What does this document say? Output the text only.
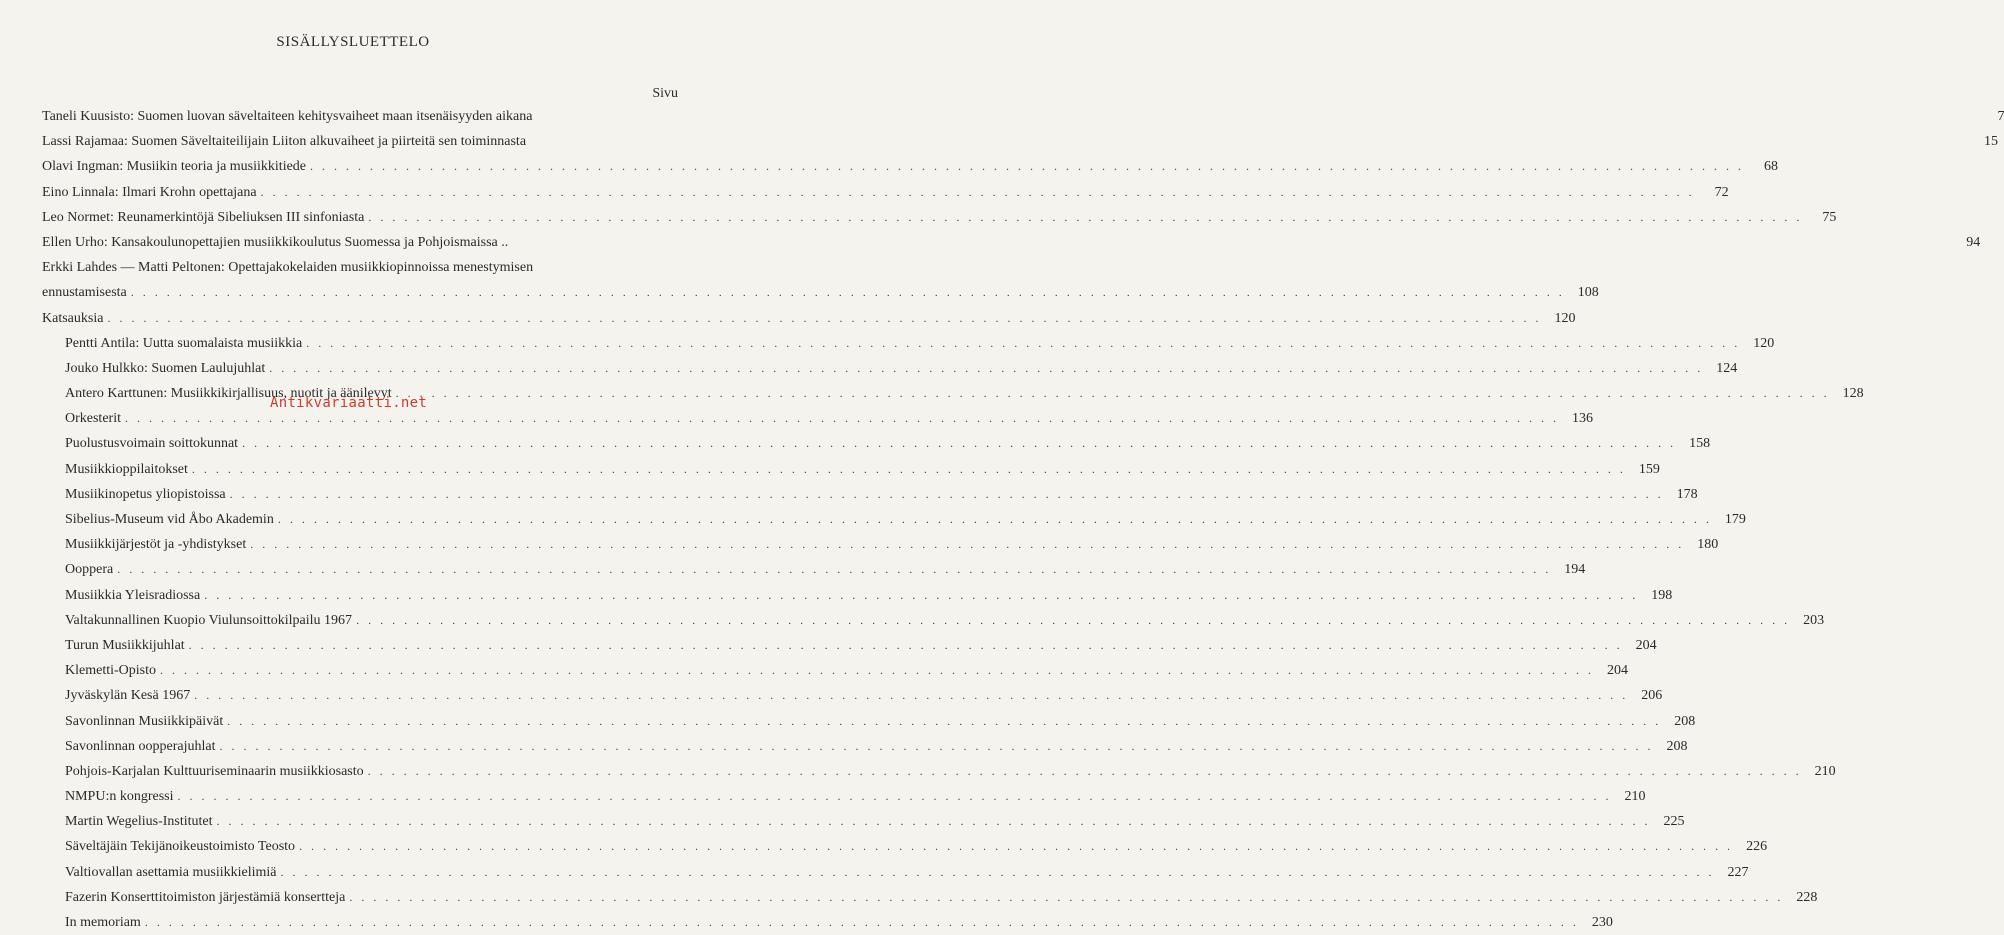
SISÄLLYSLUETTELO
Sivu
Taneli Kuusisto: Suomen luovan säveltaiteen kehitysvaiheet maan itsenäisyyden aikana	7
Lassi Rajamaa: Suomen Säveltaiteilijain Liiton alkuvaiheet ja piirteitä sen toiminnasta	15
Olavi Ingman: Musiikin teoria ja musiikkitiede . . . . . . . . . . . . . . . . . . . . . . . . . . . . . . . . . . . . . . . . . . . . . . . . . . . . . . . . . . . . . . . . . . . . . . . . . . . . . . . . . . . . . . . . . . . . . . . . . . . . . . . . . . . . . . . . . . . . . . . .	68
Eino Linnala: Ilmari Krohn opettajana . . . . . . . . . . . . . . . . . . . . . . . . . . . . . . . . . . . . . . . . . . . . . . . . . . . . . . . . . . . . . . . . . . . . . . . . . . . . . . . . . . . . . . . . . . . . . . . . . . . . . . . . . . . . . . . . . . . . . . . .	72
Leo Normet: Reunamerkintöjä Sibeliuksen III sinfoniasta . . . . . . . . . . . . . . . . . . . . . . . . . . . . . . . . . . . . . . . . . . . . . . . . . . . . . . . . . . . . . . . . . . . . . . . . . . . . . . . . . . . . . . . . . . . . . . . . . . . . . . . . . . . . . . . . . . . . . . . .	75
Ellen Urho: Kansakoulunopettajien musiikkikoulutus Suomessa ja Pohjoismaissa ..	94
Erkki Lahdes — Matti Peltonen: Opettajakokelaiden musiikkiopinnoissa menestymisen
ennustamisesta . . . . . . . . . . . . . . . . . . . . . . . . . . . . . . . . . . . . . . . . . . . . . . . . . . . . . . . . . . . . . . . . . . . . . . . . . . . . . . . . . . . . . . . . . . . . . . . . . . . . . . . . . . . . . . . . . . . . . . . . 108
Katsauksia . . . . . . . . . . . . . . . . . . . . . . . . . . . . . . . . . . . . . . . . . . . . . . . . . . . . . . . . . . . . . . . . . . . . . . . . . . . . . . . . . . . . . . . . . . . . . . . . . . . . . . . . . . . . . . . . . . . . . . . . 120
Pentti Antila: Uutta suomalaista musiikkia . . . . . . . . . . . . . . . . . . . . . . . . . . . . . . . . . . . . . . . . . . . . . . . . . . . . . . . . . . . . . . . . . . . . . . . . . . . . . . . . . . . . . . . . . . . . . . . . . . . . . . . . . . . . . . . . . . . . . . . . 120
Jouko Hulkko: Suomen Laulujuhlat . . . . . . . . . . . . . . . . . . . . . . . . . . . . . . . . . . . . . . . . . . . . . . . . . . . . . . . . . . . . . . . . . . . . . . . . . . . . . . . . . . . . . . . . . . . . . . . . . . . . . . . . . . . . . . . . . . . . . . . . 124
Antero Karttunen: Musiikkikirjallisuus, nuotit ja äänilevyt . . . . . . . . . . . . . . . . . . . . . . . . . . . . . . . . . . . . . . . . . . . . . . . . . . . . . . . . . . . . . . . . . . . . . . . . . . . . . . . . . . . . . . . . . . . . . . . . . . . . . . . . . . . . . . . . . . . . . . . . 128
Orkesterit . . . . . . . . . . . . . . . . . . . . . . . . . . . . . . . . . . . . . . . . . . . . . . . . . . . . . . . . . . . . . . . . . . . . . . . . . . . . . . . . . . . . . . . . . . . . . . . . . . . . . . . . . . . . . . . . . . . . . . . . 136
Puolustusvoimain soittokunnat . . . . . . . . . . . . . . . . . . . . . . . . . . . . . . . . . . . . . . . . . . . . . . . . . . . . . . . . . . . . . . . . . . . . . . . . . . . . . . . . . . . . . . . . . . . . . . . . . . . . . . . . . . . . . . . . . . . . . . . . 158
Musiikkioppilaitokset . . . . . . . . . . . . . . . . . . . . . . . . . . . . . . . . . . . . . . . . . . . . . . . . . . . . . . . . . . . . . . . . . . . . . . . . . . . . . . . . . . . . . . . . . . . . . . . . . . . . . . . . . . . . . . . . . . . . . . . . 159
Musiikinopetus yliopistoissa . . . . . . . . . . . . . . . . . . . . . . . . . . . . . . . . . . . . . . . . . . . . . . . . . . . . . . . . . . . . . . . . . . . . . . . . . . . . . . . . . . . . . . . . . . . . . . . . . . . . . . . . . . . . . . . . . . . . . . . . 178
Sibelius-Museum vid Åbo Akademin . . . . . . . . . . . . . . . . . . . . . . . . . . . . . . . . . . . . . . . . . . . . . . . . . . . . . . . . . . . . . . . . . . . . . . . . . . . . . . . . . . . . . . . . . . . . . . . . . . . . . . . . . . . . . . . . . . . . . . . . 179
Musiikkijärjestöt ja -yhdistykset . . . . . . . . . . . . . . . . . . . . . . . . . . . . . . . . . . . . . . . . . . . . . . . . . . . . . . . . . . . . . . . . . . . . . . . . . . . . . . . . . . . . . . . . . . . . . . . . . . . . . . . . . . . . . . . . . . . . . . . . 180
Ooppera . . . . . . . . . . . . . . . . . . . . . . . . . . . . . . . . . . . . . . . . . . . . . . . . . . . . . . . . . . . . . . . . . . . . . . . . . . . . . . . . . . . . . . . . . . . . . . . . . . . . . . . . . . . . . . . . . . . . . . . . 194
Musiikkia Yleisradiossa . . . . . . . . . . . . . . . . . . . . . . . . . . . . . . . . . . . . . . . . . . . . . . . . . . . . . . . . . . . . . . . . . . . . . . . . . . . . . . . . . . . . . . . . . . . . . . . . . . . . . . . . . . . . . . . . . . . . . . . . 198
Valtakunnallinen Kuopio Viulunsoittokilpailu 1967 . . . . . . . . . . . . . . . . . . . . . . . . . . . . . . . . . . . . . . . . . . . . . . . . . . . . . . . . . . . . . . . . . . . . . . . . . . . . . . . . . . . . . . . . . . . . . . . . . . . . . . . . . . . . . . . . . . . . . . . . 203
Turun Musiikkijuhlat . . . . . . . . . . . . . . . . . . . . . . . . . . . . . . . . . . . . . . . . . . . . . . . . . . . . . . . . . . . . . . . . . . . . . . . . . . . . . . . . . . . . . . . . . . . . . . . . . . . . . . . . . . . . . . . . . . . . . . . . 204
Klemetti-Opisto . . . . . . . . . . . . . . . . . . . . . . . . . . . . . . . . . . . . . . . . . . . . . . . . . . . . . . . . . . . . . . . . . . . . . . . . . . . . . . . . . . . . . . . . . . . . . . . . . . . . . . . . . . . . . . . . . . . . . . . . 204
Jyväskylän Kesä 1967 . . . . . . . . . . . . . . . . . . . . . . . . . . . . . . . . . . . . . . . . . . . . . . . . . . . . . . . . . . . . . . . . . . . . . . . . . . . . . . . . . . . . . . . . . . . . . . . . . . . . . . . . . . . . . . . . . . . . . . . . 206
Savonlinnan Musiikkipäivät . . . . . . . . . . . . . . . . . . . . . . . . . . . . . . . . . . . . . . . . . . . . . . . . . . . . . . . . . . . . . . . . . . . . . . . . . . . . . . . . . . . . . . . . . . . . . . . . . . . . . . . . . . . . . . . . . . . . . . . . 208
Savonlinnan oopperajuhlat . . . . . . . . . . . . . . . . . . . . . . . . . . . . . . . . . . . . . . . . . . . . . . . . . . . . . . . . . . . . . . . . . . . . . . . . . . . . . . . . . . . . . . . . . . . . . . . . . . . . . . . . . . . . . . . . . . . . . . . . 208
Pohjois-Karjalan Kulttuuriseminaarin musiikkiosasto . . . . . . . . . . . . . . . . . . . . . . . . . . . . . . . . . . . . . . . . . . . . . . . . . . . . . . . . . . . . . . . . . . . . . . . . . . . . . . . . . . . . . . . . . . . . . . . . . . . . . . . . . . . . . . . . . . . . . . . . 210
NMPU:n kongressi . . . . . . . . . . . . . . . . . . . . . . . . . . . . . . . . . . . . . . . . . . . . . . . . . . . . . . . . . . . . . . . . . . . . . . . . . . . . . . . . . . . . . . . . . . . . . . . . . . . . . . . . . . . . . . . . . . . . . . . . 210
Martin Wegelius-Institutet . . . . . . . . . . . . . . . . . . . . . . . . . . . . . . . . . . . . . . . . . . . . . . . . . . . . . . . . . . . . . . . . . . . . . . . . . . . . . . . . . . . . . . . . . . . . . . . . . . . . . . . . . . . . . . . . . . . . . . . . 225
Säveltäjäin Tekijänoikeustoimisto Teosto . . . . . . . . . . . . . . . . . . . . . . . . . . . . . . . . . . . . . . . . . . . . . . . . . . . . . . . . . . . . . . . . . . . . . . . . . . . . . . . . . . . . . . . . . . . . . . . . . . . . . . . . . . . . . . . . . . . . . . . . 226
Valtiovallan asettamia musiikkielimiä . . . . . . . . . . . . . . . . . . . . . . . . . . . . . . . . . . . . . . . . . . . . . . . . . . . . . . . . . . . . . . . . . . . . . . . . . . . . . . . . . . . . . . . . . . . . . . . . . . . . . . . . . . . . . . . . . . . . . . . . 227
Fazerin Konserttitoimiston järjestämiä konsertteja . . . . . . . . . . . . . . . . . . . . . . . . . . . . . . . . . . . . . . . . . . . . . . . . . . . . . . . . . . . . . . . . . . . . . . . . . . . . . . . . . . . . . . . . . . . . . . . . . . . . . . . . . . . . . . . . . . . . . . . . 228
In memoriam . . . . . . . . . . . . . . . . . . . . . . . . . . . . . . . . . . . . . . . . . . . . . . . . . . . . . . . . . . . . . . . . . . . . . . . . . . . . . . . . . . . . . . . . . . . . . . . . . . . . . . . . . . . . . . . . . . . . . . . . 230
Antikvariaatti.net
